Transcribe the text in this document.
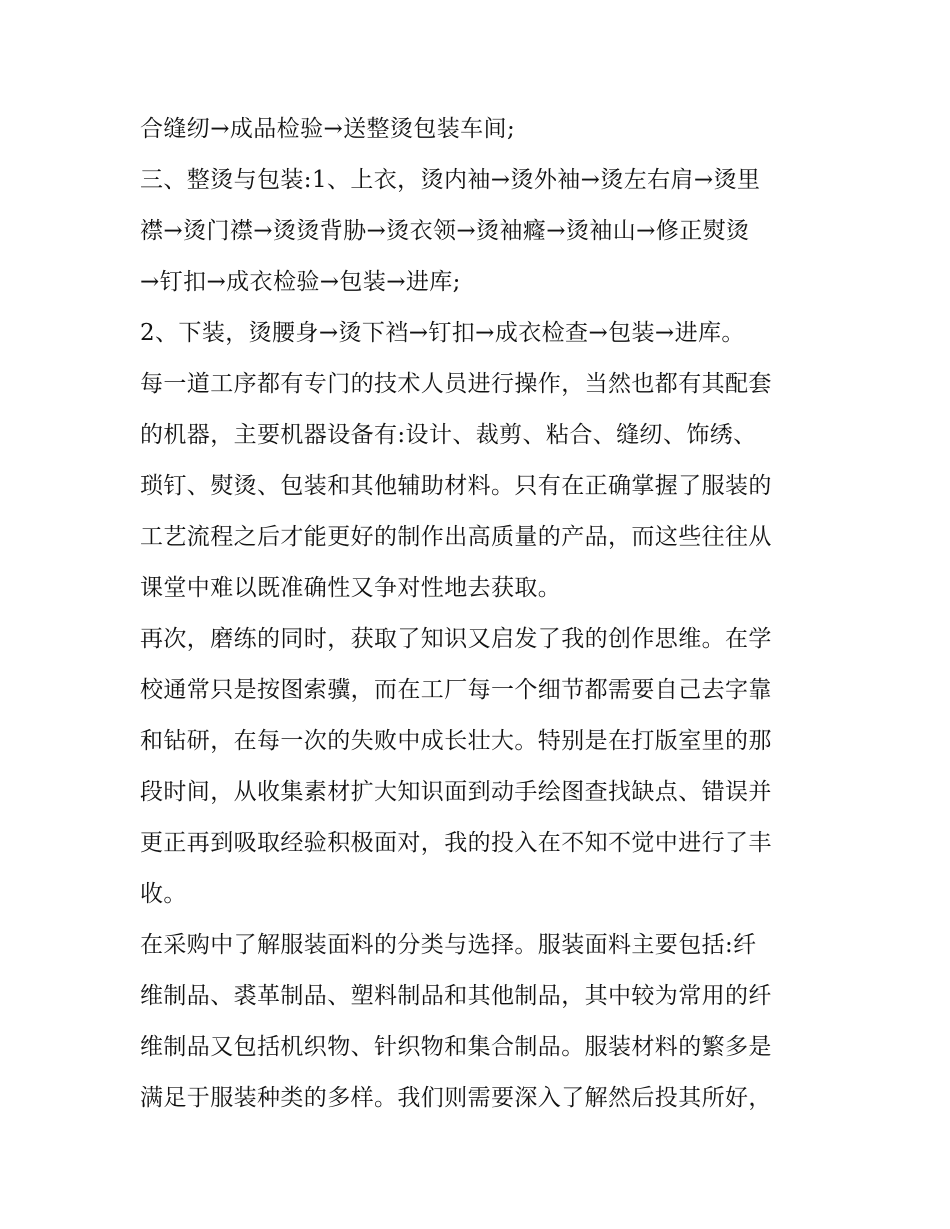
合缝纫→成品检验→送整烫包装车间;
三、整烫与包装:1、上衣，烫内袖→烫外袖→烫左右肩→烫里
襟→烫门襟→烫烫背胁→烫衣领→烫袖癃→烫袖山→修正熨烫
→钉扣→成衣检验→包装→进库;
2、下装，烫腰身→烫下裆→钉扣→成衣检查→包装→进库。
每一道工序都有专门的技术人员进行操作，当然也都有其配套
的机器，主要机器设备有:设计、裁剪、粘合、缝纫、饰绣、
琐钉、熨烫、包装和其他辅助材料。只有在正确掌握了服装的
工艺流程之后才能更好的制作出高质量的产品，而这些往往从
课堂中难以既准确性又争对性地去获取。
再次，磨练的同时，获取了知识又启发了我的创作思维。在学
校通常只是按图索骥，而在工厂每一个细节都需要自己去字靠
和钻研，在每一次的失败中成长壮大。特别是在打版室里的那
段时间，从收集素材扩大知识面到动手绘图查找缺点、错误并
更正再到吸取经验积极面对，我的投入在不知不觉中进行了丰
收。
在采购中了解服装面料的分类与选择。服装面料主要包括:纤
维制品、裘革制品、塑料制品和其他制品，其中较为常用的纤
维制品又包括机织物、针织物和集合制品。服装材料的繁多是
满足于服装种类的多样。我们则需要深入了解然后投其所好，
